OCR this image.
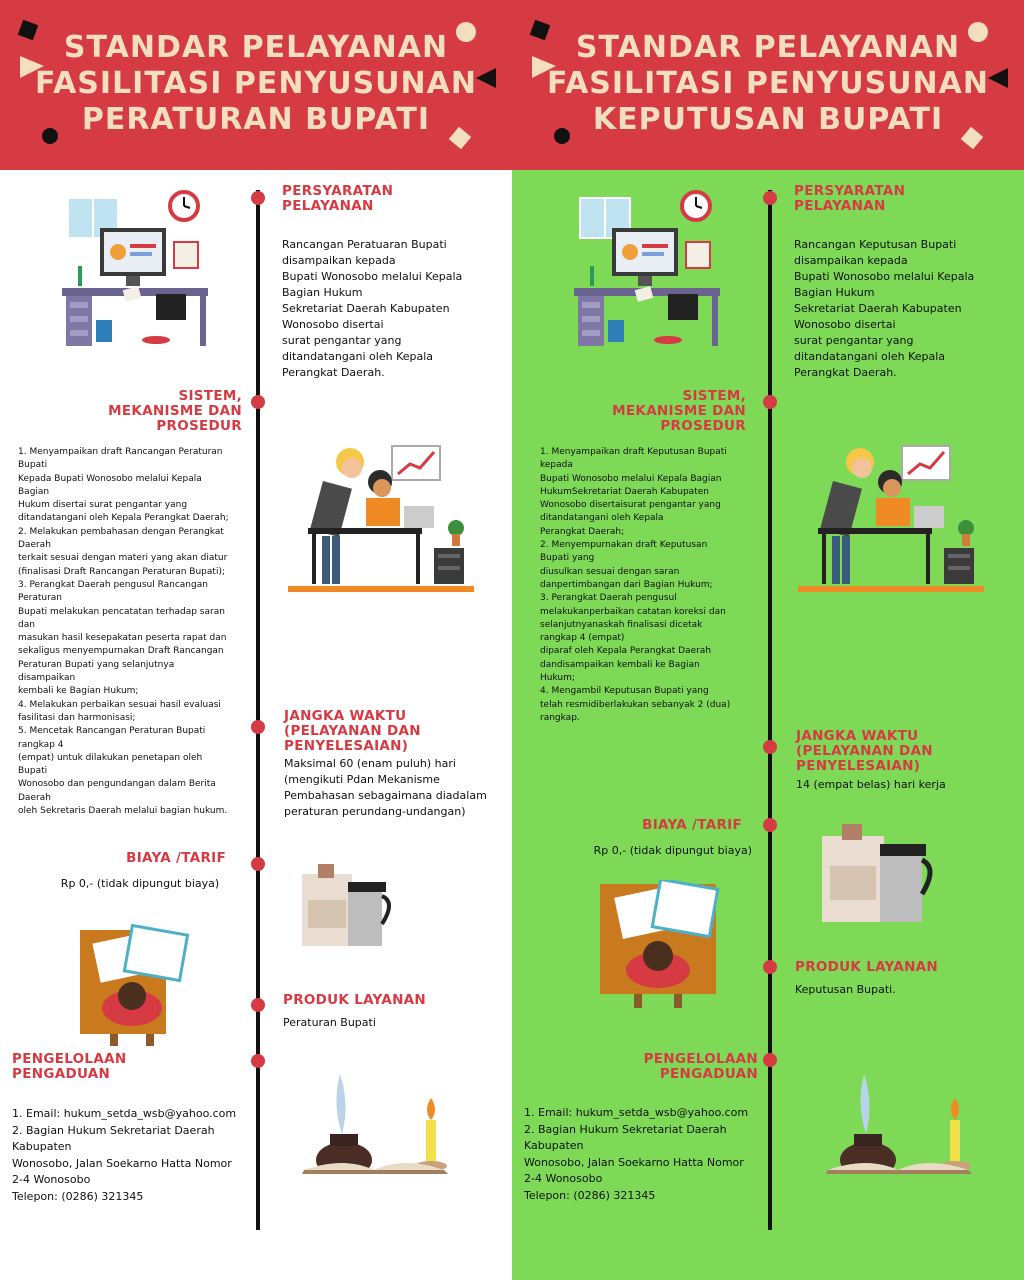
STANDAR PELAYANAN
FASILITASI PENYUSUNAN
PERATURAN BUPATI
PERSYARATAN
PELAYANAN
Rancangan Peratuaran Bupati
disampaikan kepada
Bupati Wonosobo melalui Kepala
Bagian Hukum
Sekretariat Daerah Kabupaten
Wonosobo disertai
surat pengantar yang
ditandatangani oleh Kepala
Perangkat Daerah.
SISTEM,
MEKANISME DAN
PROSEDUR
1. Menyampaikan draft Rancangan Peraturan
Bupati
Kepada Bupati Wonosobo melalui Kepala
Bagian
Hukum disertai surat pengantar yang
ditandatangani oleh Kepala Perangkat Daerah;
2. Melakukan pembahasan dengan Perangkat
Daerah
terkait sesuai dengan materi yang akan diatur
(finalisasi Draft Rancangan Peraturan Bupati);
3. Perangkat Daerah pengusul Rancangan
Peraturan
Bupati melakukan pencatatan terhadap saran
dan
masukan hasil kesepakatan peserta rapat dan
sekaligus menyempurnakan Draft Rancangan
Peraturan Bupati yang selanjutnya
disampaikan
kembali ke Bagian Hukum;
4. Melakukan perbaikan sesuai hasil evaluasi
fasilitasi dan harmonisasi;
5. Mencetak Rancangan Peraturan Bupati
rangkap 4
(empat) untuk dilakukan penetapan oleh
Bupati
Wonosobo dan pengundangan dalam Berita
Daerah
oleh Sekretaris Daerah melalui bagian hukum.
JANGKA WAKTU
(PELAYANAN DAN
PENYELESAIAN)
Maksimal 60 (enam puluh) hari
(mengikuti Pdan Mekanisme
Pembahasan sebagaimana diadalam
peraturan perundang-undangan)
BIAYA /TARIF
Rp 0,- (tidak dipungut biaya)
PRODUK LAYANAN
Peraturan Bupati
PENGELOLAAN
PENGADUAN
1. Email: hukum_setda_wsb@yahoo.com
2. Bagian Hukum Sekretariat Daerah
Kabupaten
Wonosobo, Jalan Soekarno Hatta Nomor
2-4 Wonosobo
Telepon: (0286) 321345
STANDAR PELAYANAN
FASILITASI PENYUSUNAN
KEPUTUSAN BUPATI
PERSYARATAN
PELAYANAN
Rancangan Keputusan Bupati
disampaikan kepada
Bupati Wonosobo melalui Kepala
Bagian Hukum
Sekretariat Daerah Kabupaten
Wonosobo disertai
surat pengantar yang
ditandatangani oleh Kepala
Perangkat Daerah.
SISTEM,
MEKANISME DAN
PROSEDUR
1. Menyampaikan draft Keputusan Bupati
kepada
Bupati Wonosobo melalui Kepala Bagian
HukumSekretariat Daerah Kabupaten
Wonosobo disertaisurat pengantar yang
ditandatangani oleh Kepala
Perangkat Daerah;
2. Menyempurnakan draft Keputusan
Bupati yang
diusulkan sesuai dengan saran
danpertimbangan dari Bagian Hukum;
3. Perangkat Daerah pengusul
melakukanperbaikan catatan koreksi dan
selanjutnyanaskah finalisasi dicetak
rangkap 4 (empat)
diparaf oleh Kepala Perangkat Daerah
dandisampaikan kembali ke Bagian
Hukum;
4. Mengambil Keputusan Bupati yang
telah resmidiberlakukan sebanyak 2 (dua)
rangkap.
JANGKA WAKTU
(PELAYANAN DAN
PENYELESAIAN)
14 (empat belas) hari kerja
BIAYA /TARIF
Rp 0,- (tidak dipungut biaya)
PRODUK LAYANAN
Keputusan Bupati.
PENGELOLAAN
PENGADUAN
1. Email: hukum_setda_wsb@yahoo.com
2. Bagian Hukum Sekretariat Daerah
Kabupaten
Wonosobo, Jalan Soekarno Hatta Nomor
2-4 Wonosobo
Telepon: (0286) 321345
